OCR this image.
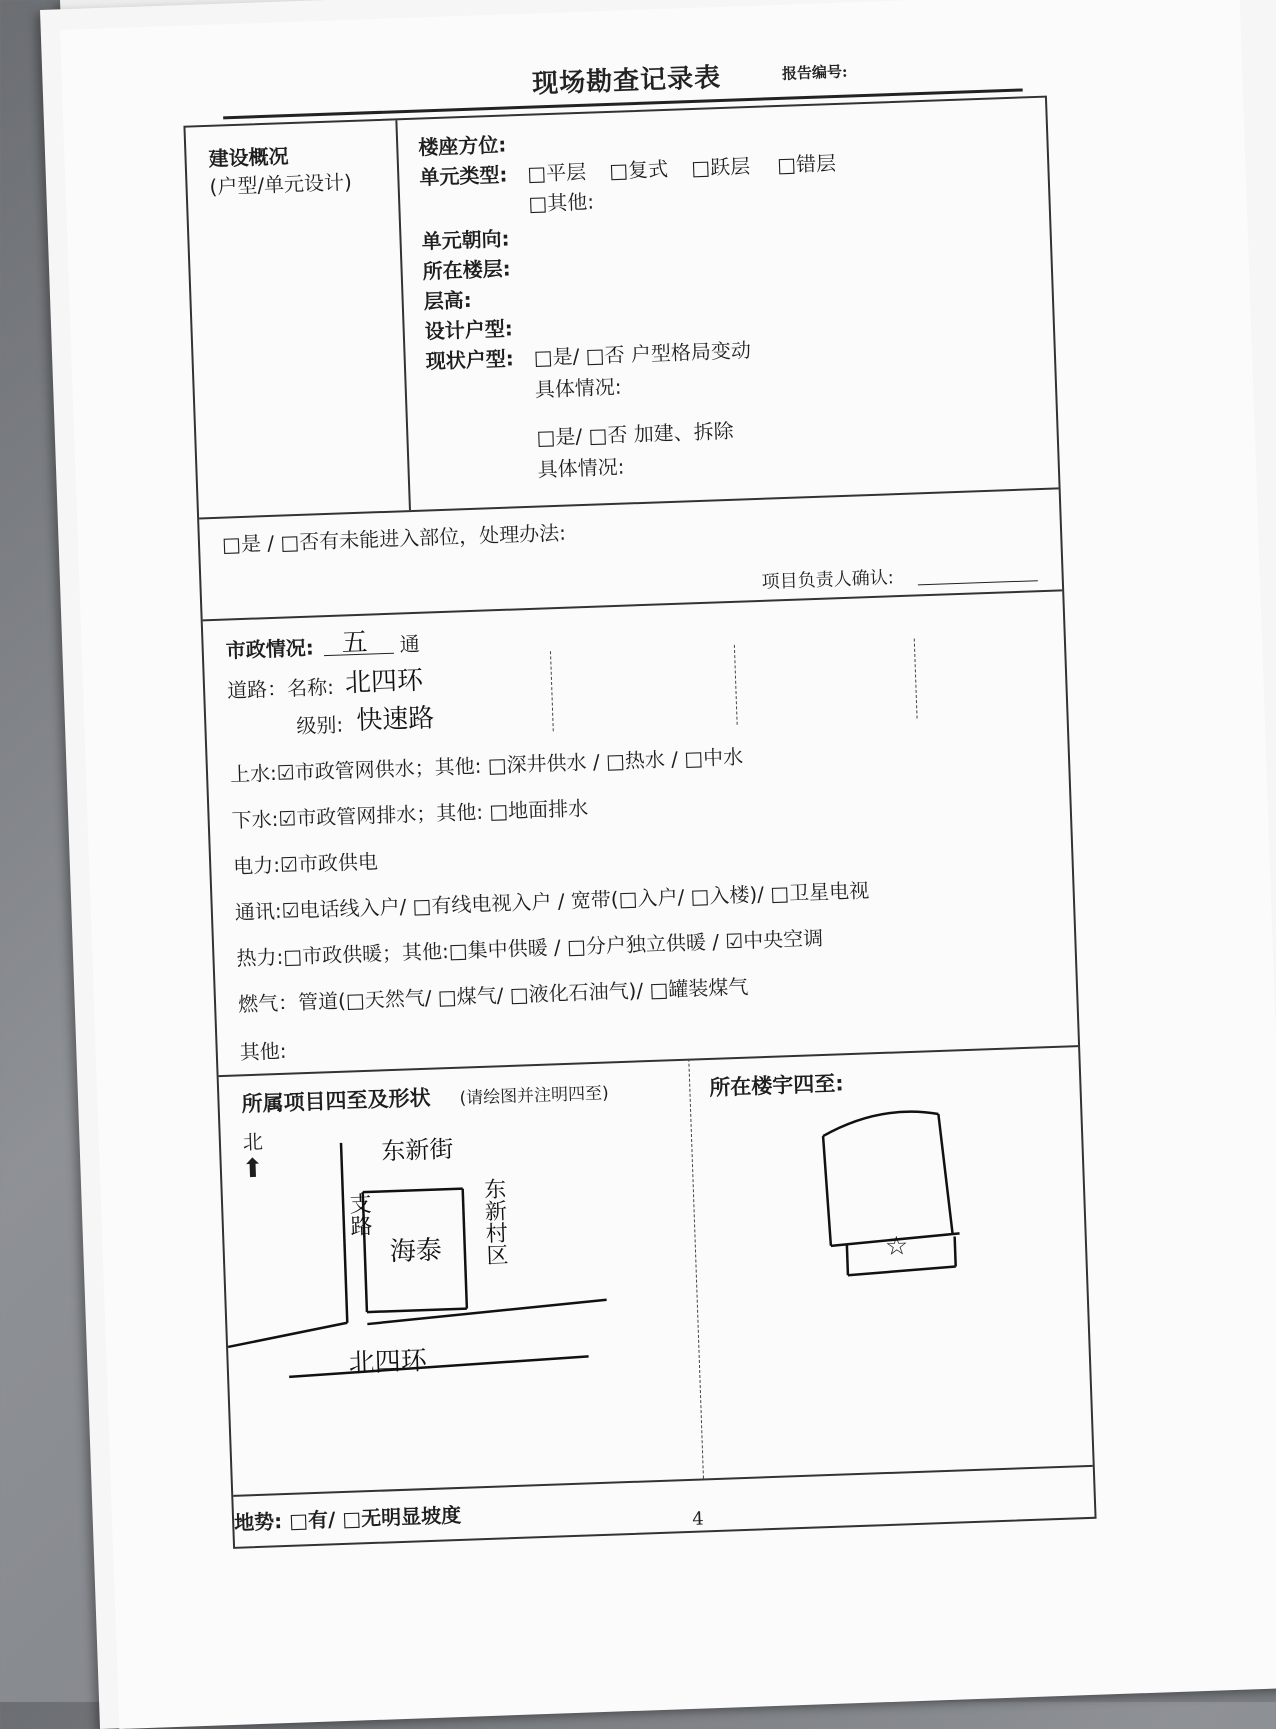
现场勘查记录表	报告编号:
建设概况
(户型/单元设计)
楼座方位:
单元类型: □平层 □复式 □跃层 □错层
□其他:
单元朝向:
所在楼层:
层高:
设计户型:
现状户型: □是/ □否 户型格局变动
具体情况:
□是/ □否 加建、拆除
具体情况:
□是 / □否有未能进入部位，处理办法:
项目负责人确认:
市政情况: 五 通
道路：名称: 北四环
级别: 快速路
上水:☑市政管网供水；其他: □深井供水 / □热水 / □中水
下水:☑市政管网排水；其他: □地面排水
电力:☑市政供电
通讯:☑电话线入户/ □有线电视入户 / 宽带(□入户/ □入楼)/ □卫星电视
热力:□市政供暖；其他:□集中供暖 / □分户独立供暖 / ☑中央空调
燃气：管道(□天然气/ □煤气/ □液化石油气)/ □罐装煤气
其他:
所属项目四至及形状 (请绘图并注明四至)	所在楼宇四至:
北
⬆
东新街
支路
海泰 东新村区
北四环
☆
地势: □有/ □无明显坡度	4
